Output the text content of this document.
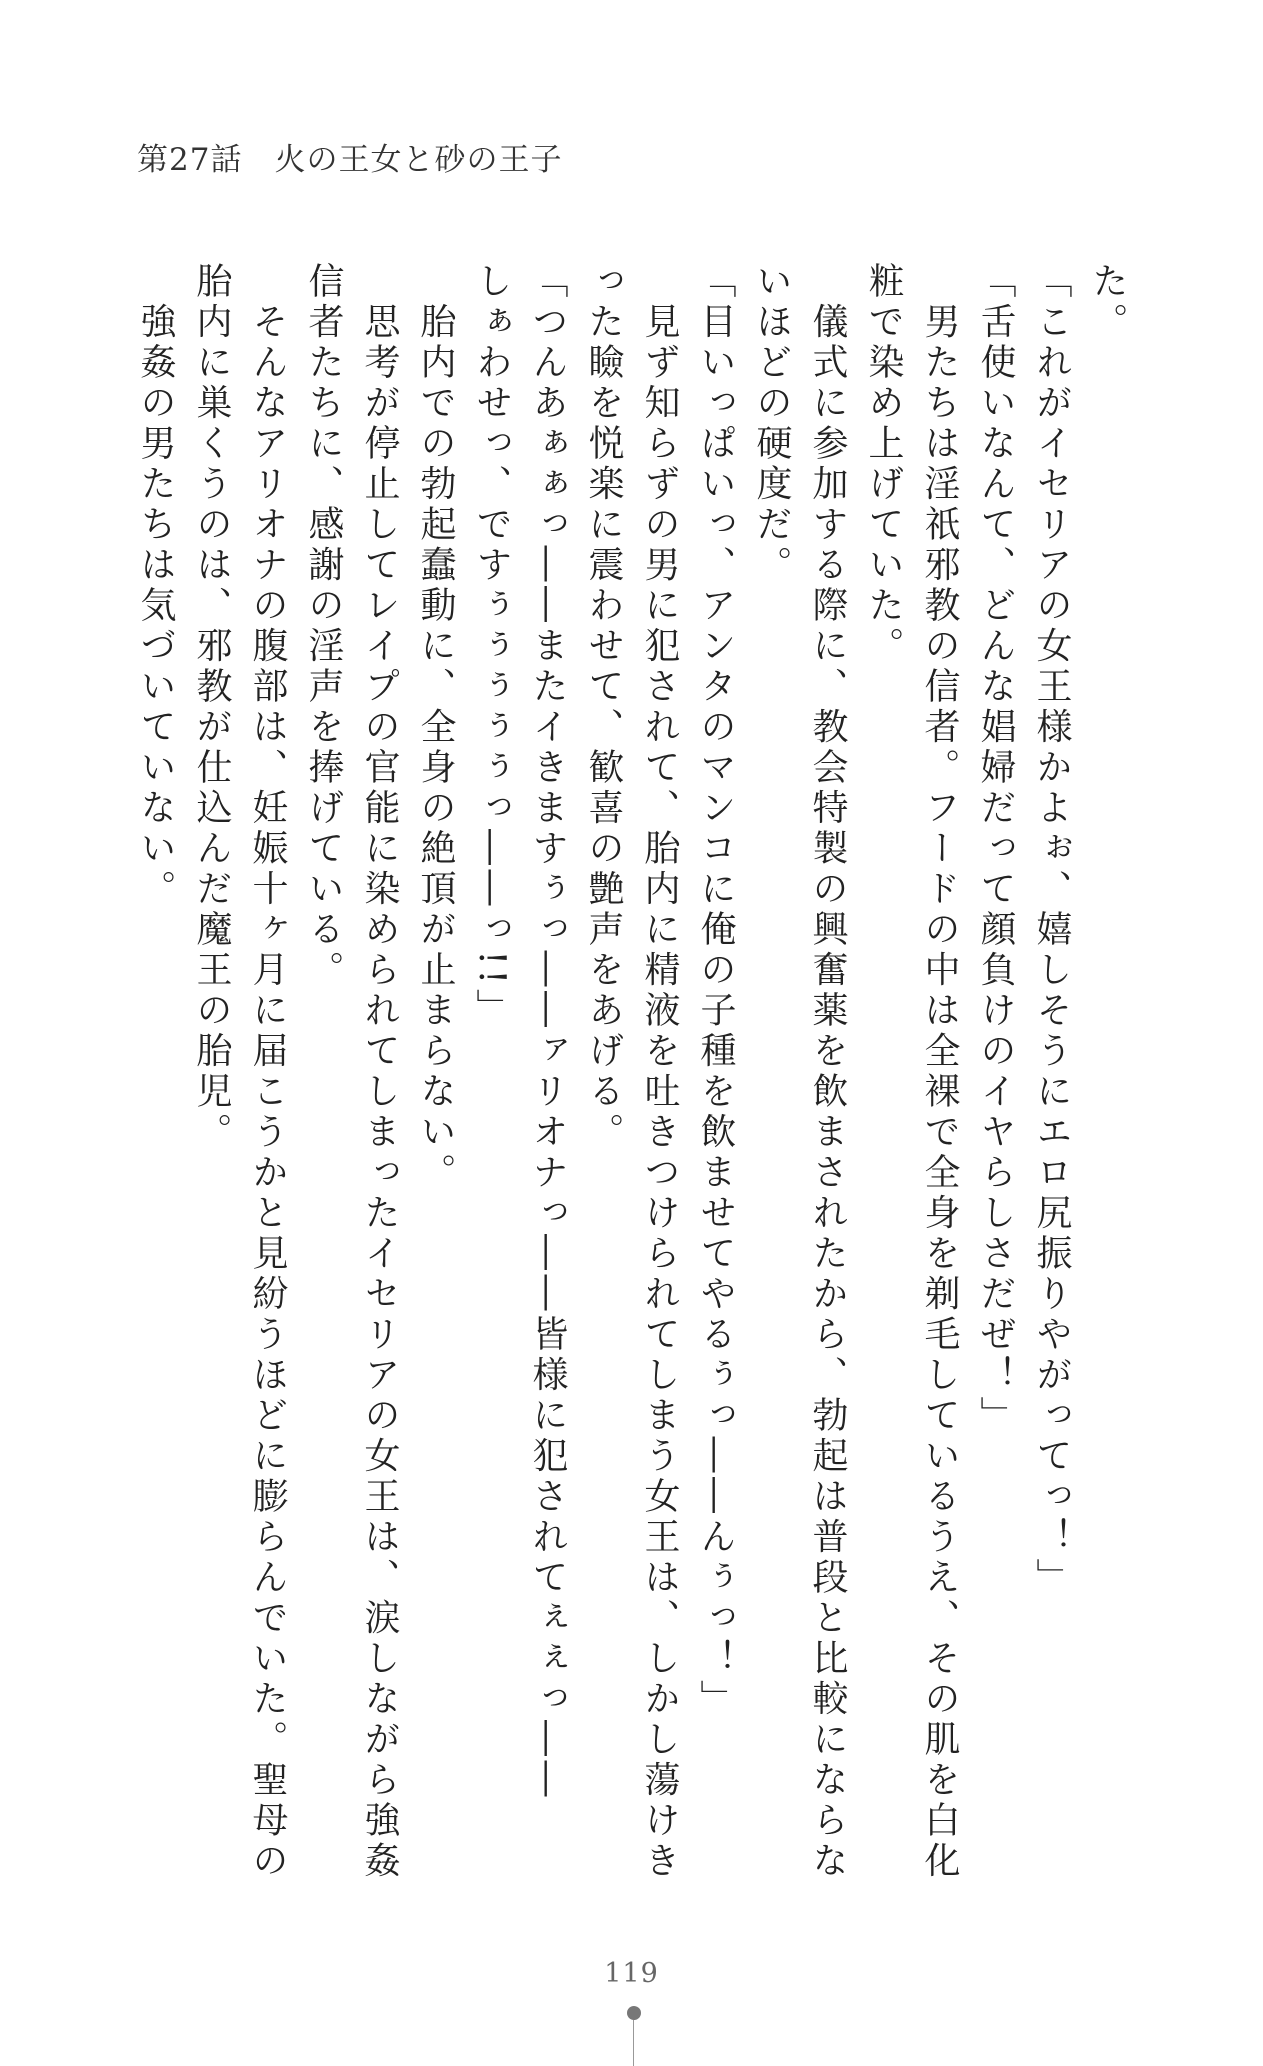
第27話　火の王女と砂の王子
た。
「これがイセリアの女王様かよぉ、嬉しそうにエロ尻振りやがってっ！」
「舌使いなんて、どんな娼婦だって顔負けのイヤらしさだぜ！」
　男たちは淫祇邪教の信者。フードの中は全裸で全身を剃毛しているうえ、その肌を白化
粧で染め上げていた。
　儀式に参加する際に、教会特製の興奮薬を飲まされたから、勃起は普段と比較にならな
いほどの硬度だ。
「目いっぱいっ、アンタのマンコに俺の子種を飲ませてやるぅっ――んぅっ！」
　見ず知らずの男に犯されて、胎内に精液を吐きつけられてしまう女王は、しかし蕩けき
った瞼を悦楽に震わせて、歓喜の艶声をあげる。
「つんあぁぁっ――またイきますぅっ――ァリオナっ――皆様に犯されてぇぇっ――
しぁわせっ、ですぅぅぅぅぅっ――っ!!」
　胎内での勃起蠢動に、全身の絶頂が止まらない。
　思考が停止してレイプの官能に染められてしまったイセリアの女王は、涙しながら強姦
信者たちに、感謝の淫声を捧げている。
　そんなアリオナの腹部は、妊娠十ヶ月に届こうかと見紛うほどに膨らんでいた。聖母の
胎内に巣くうのは、邪教が仕込んだ魔王の胎児。
　強姦の男たちは気づいていない。
119
